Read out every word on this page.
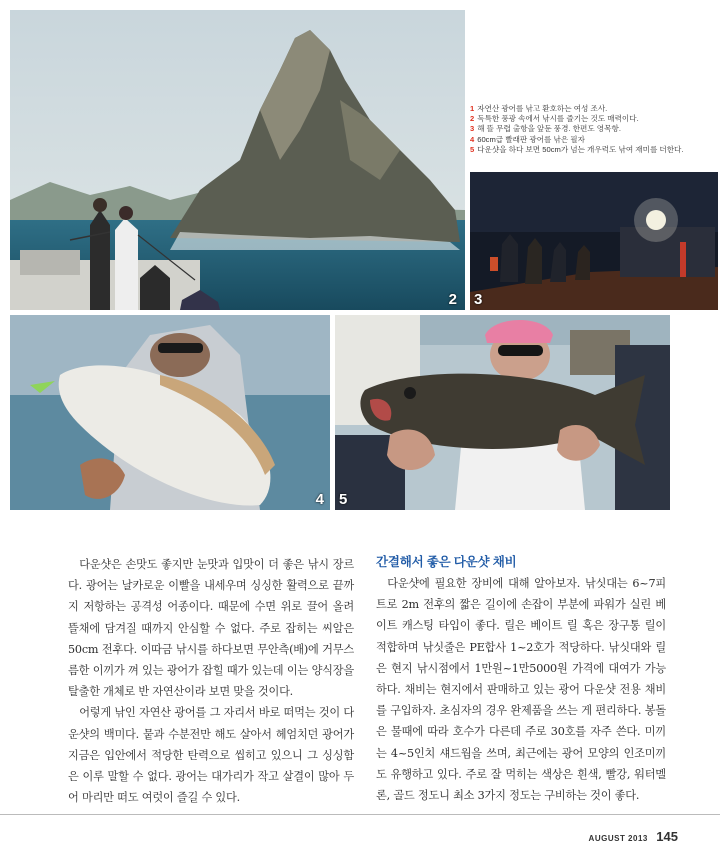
2
1 자연산 광어를 낚고 환호하는 여성 조사.
2 독특한 풍광 속에서 낚시를 즐기는 것도 매력이다.
3 해 뜰 무렵 출항을 앞둔 풍경. 한편도 영목항.
4 60cm급 빨래판 광어를 낚은 필자
5 다운샷을 하다 보면 50cm가 넘는 개우럭도 낚여 재미를 더한다.
3
4 5

다운샷은 손맛도 좋지만 눈맛과 입맛이 더 좋은 낚시 장르다. 광어는 날카로운 이빨을 내세우며 싱싱한 활력으로 끝까지 저항하는 공격성 어종이다. 때문에 수면 위로 끌어 올려 뜰채에 담겨질 때까지 안심할 수 없다. 주로 잡히는 씨알은 50cm 전후다. 이따금 낚시를 하다보면 무안측(배)에 거무스름한 이끼가 껴 있는 광어가 잡힐 때가 있는데 이는 양식장을 탈출한 개체로 반 자연산이라 보면 맞을 것이다.

어렇게 낚인 자연산 광어를 그 자리서 바로 떠먹는 것이 다운샷의 백미다. 뭍과 수분전만 해도 살아서 헤엄치던 광어가 지금은 입안에서 적당한 탄력으로 씹히고 있으니 그 싱싱함은 이루 말할 수 없다. 광어는 대가리가 작고 살결이 많아 두어 마리만 떠도 여럿이 즐길 수 있다.

간결해서 좋은 다운샷 채비

다운샷에 필요한 장비에 대해 알아보자. 낚싯대는 6~7피트로 2m 전후의 짧은 길이에 손잡이 부분에 파워가 실린 베이트 캐스팅 타입이 좋다. 릴은 베이트 릴 혹은 장구통 릴이 적합하며 낚싯줄은 PE합사 1~2호가 적당하다. 낚싯대와 릴은 현지 낚시점에서 1만원~1만5000원 가격에 대여가 가능하다. 채비는 현지에서 판매하고 있는 광어 다운샷 전용 채비를 구입하자. 초심자의 경우 완제품을 쓰는 게 편리하다. 봉돌은 물때에 따라 호수가 다른데 주로 30호를 자주 쓴다. 미끼는 4~5인치 섀드웜을 쓰며, 최근에는 광어 모양의 인조미끼도 유행하고 있다. 주로 잘 먹히는 색상은 흰색, 빨강, 워터멜론, 골드 정도니 최소 3가지 정도는 구비하는 것이 좋다.

AUGUST 2013 145
